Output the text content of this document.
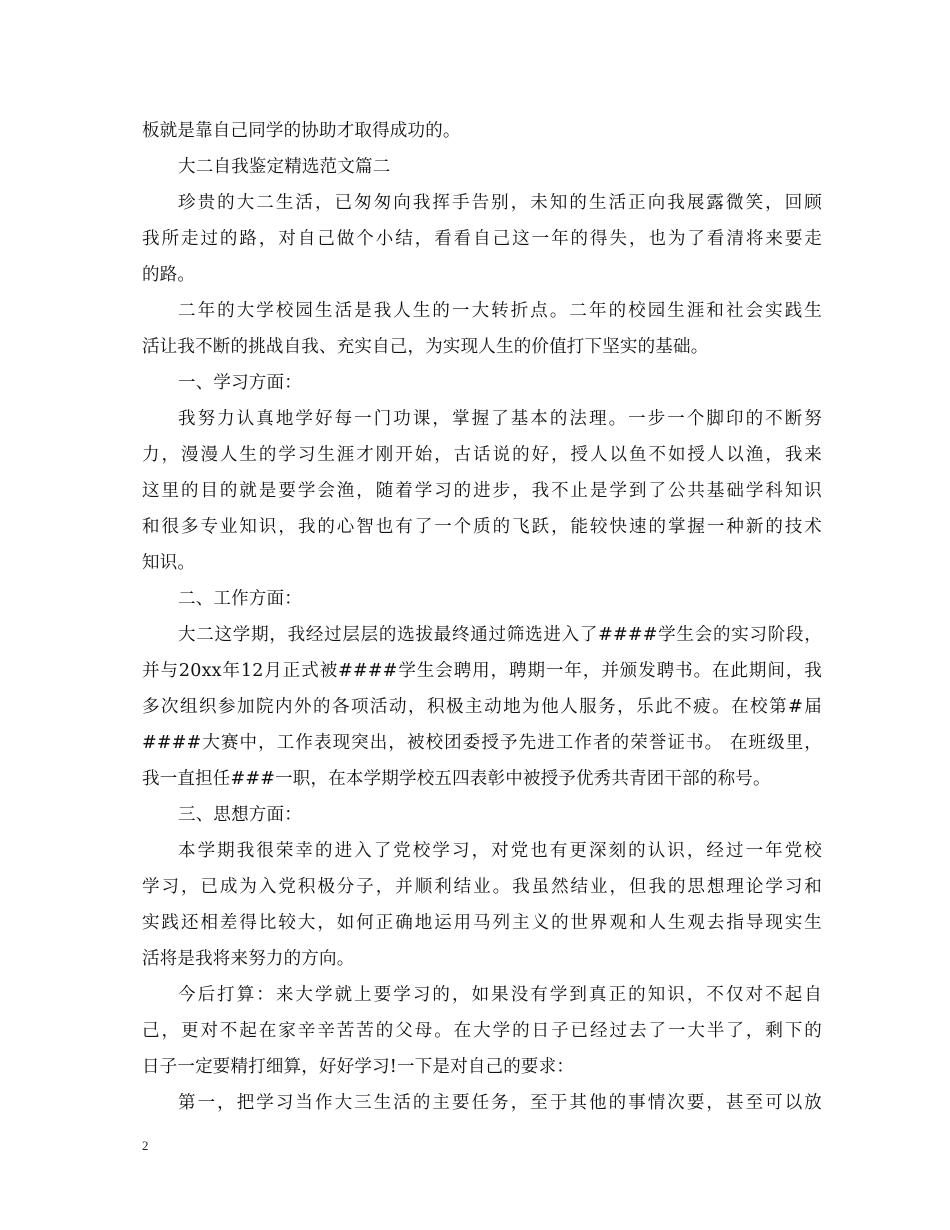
板就是靠自己同学的协助才取得成功的。
大二自我鉴定精选范文篇二
珍贵的大二生活，已匆匆向我挥手告别，未知的生活正向我展露微笑，回顾
我所走过的路，对自己做个小结，看看自己这一年的得失，也为了看清将来要走
的路。
二年的大学校园生活是我人生的一大转折点。二年的校园生涯和社会实践生
活让我不断的挑战自我、充实自己，为实现人生的价值打下坚实的基础。
一、学习方面：
我努力认真地学好每一门功课，掌握了基本的法理。一步一个脚印的不断努
力，漫漫人生的学习生涯才刚开始，古话说的好，授人以鱼不如授人以渔，我来
这里的目的就是要学会渔，随着学习的进步，我不止是学到了公共基础学科知识
和很多专业知识，我的心智也有了一个质的飞跃，能较快速的掌握一种新的技术
知识。
二、工作方面：
大二这学期，我经过层层的选拔最终通过筛选进入了####学生会的实习阶段，
并与20xx年12月正式被####学生会聘用，聘期一年，并颁发聘书。在此期间，我
多次组织参加院内外的各项活动，积极主动地为他人服务，乐此不疲。在校第#届
####大赛中，工作表现突出，被校团委授予先进工作者的荣誉证书。 在班级里，
我一直担任###一职，在本学期学校五四表彰中被授予优秀共青团干部的称号。
三、思想方面：
本学期我很荣幸的进入了党校学习，对党也有更深刻的认识，经过一年党校
学习，已成为入党积极分子，并顺利结业。我虽然结业，但我的思想理论学习和
实践还相差得比较大，如何正确地运用马列主义的世界观和人生观去指导现实生
活将是我将来努力的方向。
今后打算：来大学就上要学习的，如果没有学到真正的知识，不仅对不起自
己，更对不起在家辛辛苦苦的父母。在大学的日子已经过去了一大半了，剩下的
日子一定要精打细算，好好学习!一下是对自己的要求：
第一，把学习当作大三生活的主要任务，至于其他的事情次要，甚至可以放
2
